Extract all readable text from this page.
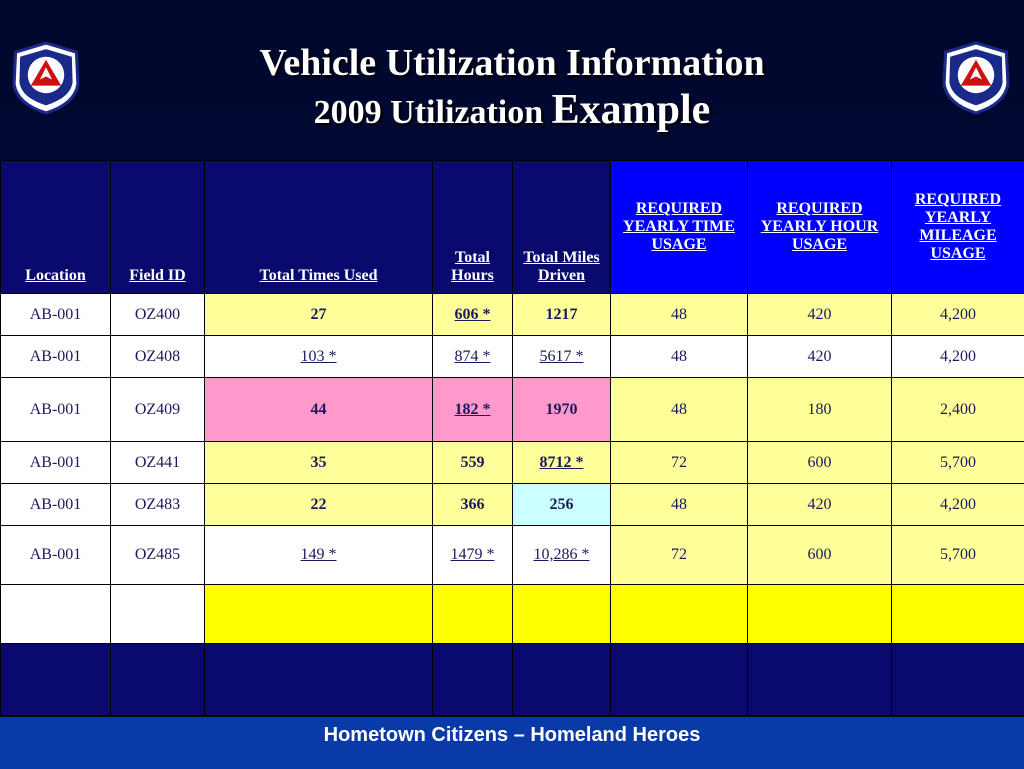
Vehicle Utilization Information
2009 Utilization Example
Location	Field ID	Total Times Used	Total Hours	Total Miles Driven	REQUIRED YEARLY TIME USAGE	REQUIRED YEARLY HOUR USAGE	REQUIRED YEARLY MILEAGE USAGE
AB-001	OZ400	27	606 *	1217	48	420	4,200
AB-001	OZ408	103 *	874 *	5617 *	48	420	4,200
AB-001	OZ409	44	182 *	1970	48	180	2,400
AB-001	OZ441	35	559	8712 *	72	600	5,700
AB-001	OZ483	22	366	256	48	420	4,200
AB-001	OZ485	149 *	1479 *	10,286 *	72	600	5,700

Hometown Citizens – Homeland Heroes
